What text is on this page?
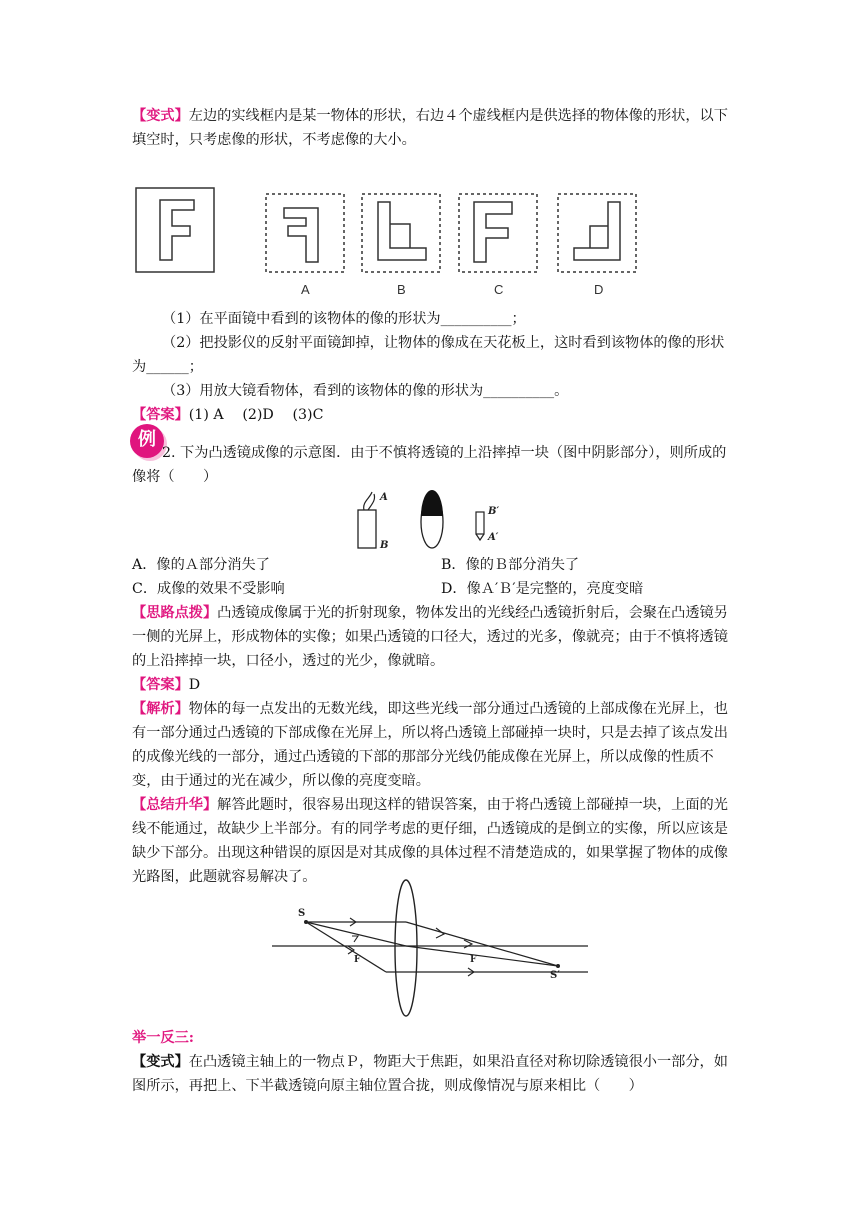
【变式】左边的实线框内是某一物体的形状，右边４个虚线框内是供选择的物体像的形状，以下填空时，只考虑像的形状，不考虑像的大小。

A	B	C	D

（1）在平面镜中看到的该物体的像的形状为__________；

（2）把投影仪的反射平面镜卸掉，让物体的像成在天花板上，这时看到该物体的像的形状为______；

（3）用放大镜看物体，看到的该物体的像的形状为__________。

【答案】(1) A　 (2)D　 (3)C

例

2. 下为凸透镜成像的示意图．由于不慎将透镜的上沿摔掉一块（图中阴影部分），则所成的像将（　　）

A
B
B′
A′
A．像的Ａ部分消失了	B．像的Ｂ部分消失了
C．成像的效果不受影响	D．像Ａ′Ｂ′是完整的，亮度变暗

【思路点拨】凸透镜成像属于光的折射现象，物体发出的光线经凸透镜折射后，会聚在凸透镜另一侧的光屏上，形成物体的实像；如果凸透镜的口径大，透过的光多，像就亮；由于不慎将透镜的上沿摔掉一块，口径小，透过的光少，像就暗。

【答案】D

【解析】物体的每一点发出的无数光线，即这些光线一部分通过凸透镜的上部成像在光屏上，也有一部分通过凸透镜的下部成像在光屏上，所以将凸透镜上部碰掉一块时，只是去掉了该点发出的成像光线的一部分，通过凸透镜的下部的那部分光线仍能成像在光屏上，所以成像的性质不变，由于通过的光在减少，所以像的亮度变暗。

【总结升华】解答此题时，很容易出现这样的错误答案，由于将凸透镜上部碰掉一块，上面的光线不能通过，故缺少上半部分。有的同学考虑的更仔细，凸透镜成的是倒立的实像，所以应该是缺少下部分。出现这种错误的原因是对其成像的具体过程不清楚造成的，如果掌握了物体的成像光路图，此题就容易解决了。

S
F	F
S′

举一反三:

【变式】在凸透镜主轴上的一物点Ｐ，物距大于焦距，如果沿直径对称切除透镜很小一部分，如图所示，再把上、下半截透镜向原主轴位置合拢，则成像情况与原来相比（　　）
